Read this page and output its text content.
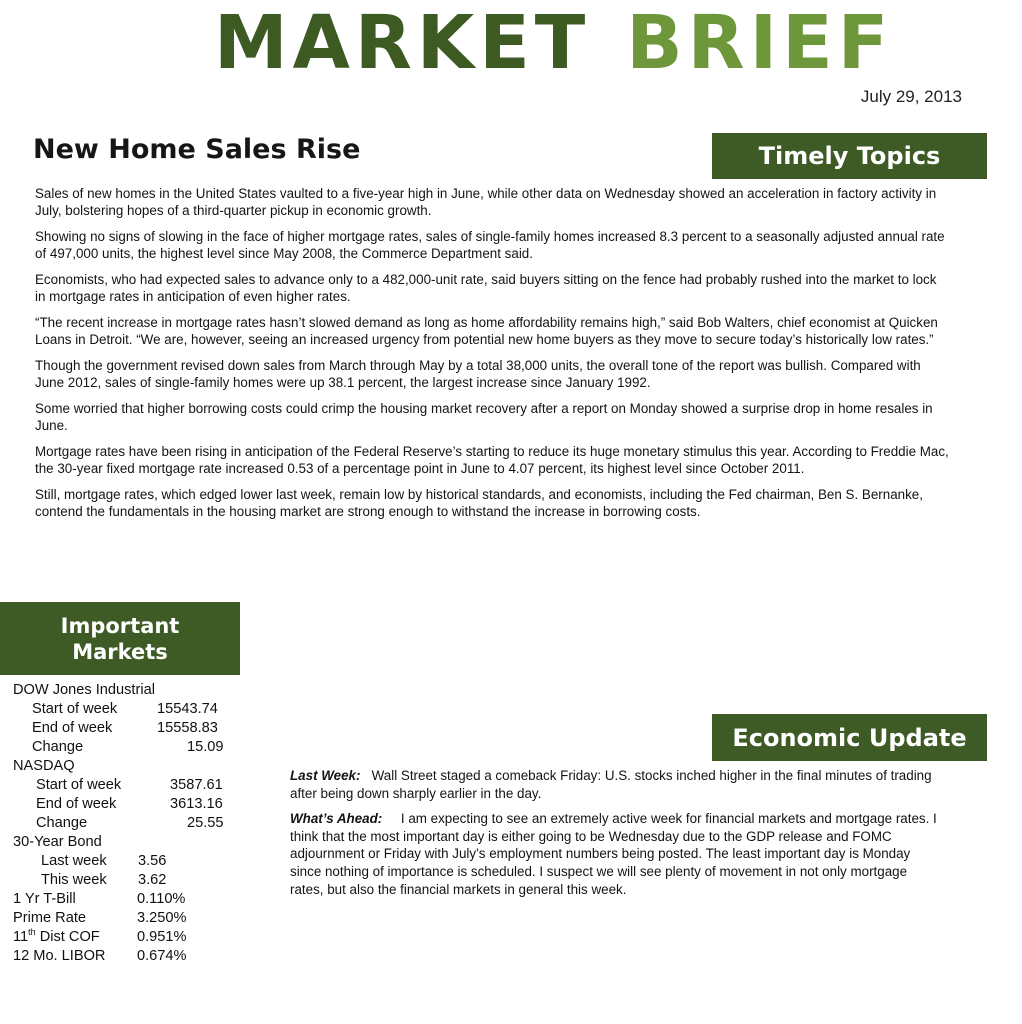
MARKET BRIEF
July 29, 2013
Timely Topics
Important
Markets
Economic Update
New Home Sales Rise

Sales of new homes in the United States vaulted to a five-year high in June, while other data on Wednesday showed an acceleration in factory activity in July, bolstering hopes of a third-quarter pickup in economic growth.

Showing no signs of slowing in the face of higher mortgage rates, sales of single-family homes increased 8.3 percent to a seasonally adjusted annual rate of 497,000 units, the highest level since May 2008, the Commerce Department said.

Economists, who had expected sales to advance only to a 482,000-unit rate, said buyers sitting on the fence had probably rushed into the market to lock in mortgage rates in anticipation of even higher rates.

“The recent increase in mortgage rates hasn’t slowed demand as long as home affordability remains high,” said Bob Walters, chief economist at Quicken Loans in Detroit. “We are, however, seeing an increased urgency from potential new home buyers as they move to secure today’s historically low rates.”

Though the government revised down sales from March through May by a total 38,000 units, the overall tone of the report was bullish. Compared with June 2012, sales of single-family homes were up 38.1 percent, the largest increase since January 1992.

Some worried that higher borrowing costs could crimp the housing market recovery after a report on Monday showed a surprise drop in home resales in June.

Mortgage rates have been rising in anticipation of the Federal Reserve’s starting to reduce its huge monetary stimulus this year. According to Freddie Mac, the 30-year fixed mortgage rate increased 0.53 of a percentage point in June to 4.07 percent, its highest level since October 2011.

Still, mortgage rates, which edged lower last week, remain low by historical standards, and economists, including the Fed chairman, Ben S. Bernanke, contend the fundamentals in the housing market are strong enough to withstand the increase in borrowing costs.

DOW Jones Industrial
Start of week	15543.74
End of week	15558.83
Change	15.09
NASDAQ
Start of week	3587.61
End of week	3613.16
Change	25.55
30-Year Bond
Last week 3.56
This week 3.62
1 Yr T-Bill	0.110%
Prime Rate	3.250%
11th Dist COF	0.951%
12 Mo. LIBOR 0.674%

Last Week: Wall Street staged a comeback Friday: U.S. stocks inched higher in the final minutes of trading after being down sharply earlier in the day.

What’s Ahead: I am expecting to see an extremely active week for financial markets and mortgage rates. I think that the most important day is either going to be Wednesday due to the GDP release and FOMC adjournment or Friday with July’s employment numbers being posted. The least important day is Monday since nothing of importance is scheduled. I suspect we will see plenty of movement in not only mortgage rates, but also the financial markets in general this week.
